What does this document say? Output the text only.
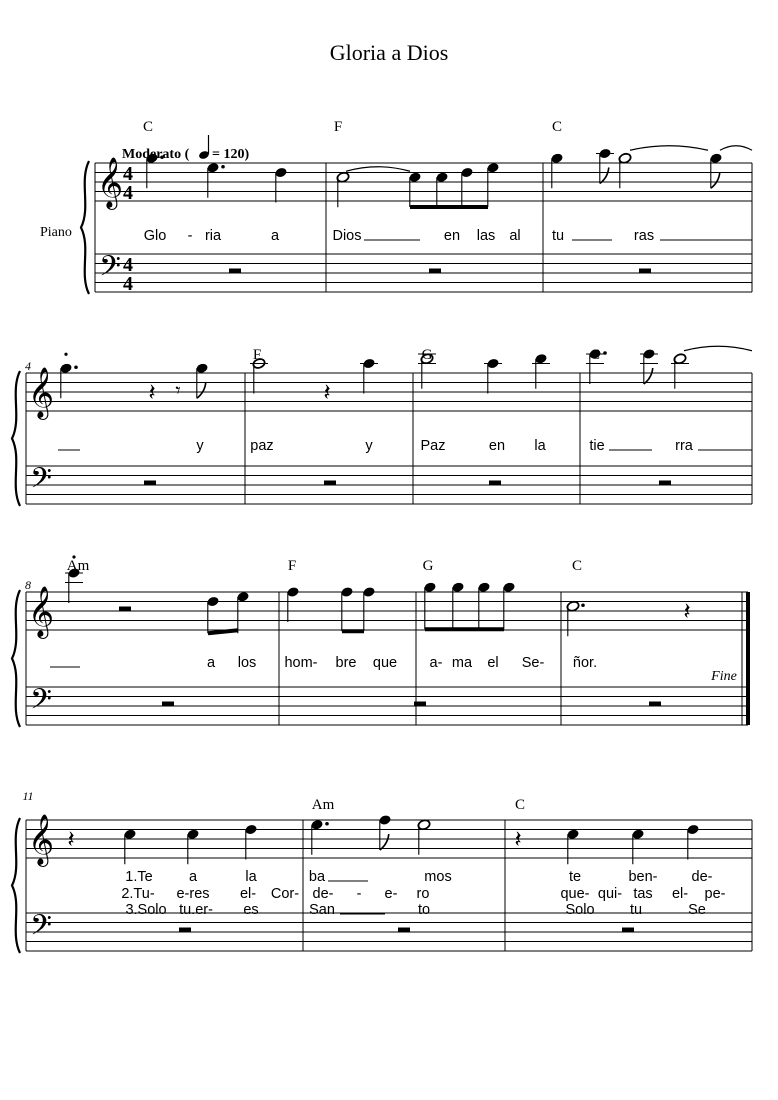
Gloria a Dios
𝄞
𝄢
4
4
4
4
𝄞
𝄢
𝄞
𝄢
𝄞
𝄢
𝄽 𝄾	𝄽
𝄽
𝄽	𝄽
Piano
Moderato ( = 120)
4
8
11
C	F	C
F	G	C
Am	F	G	C
Am	C
Fine
Glo - ria	a	Dios	en las al tu	ras
y	paz	y	Paz	en la	tie	rra
a los hom- bre que a- ma el Se- ñor.
1.Te	a	la	ba	mos	te	ben- de-
2.Tu- e-res el- Cor- de- - e- ro	que- qui- tas el- pe-
3.Solo tu.er- es	San	to	Solo tu	Se
